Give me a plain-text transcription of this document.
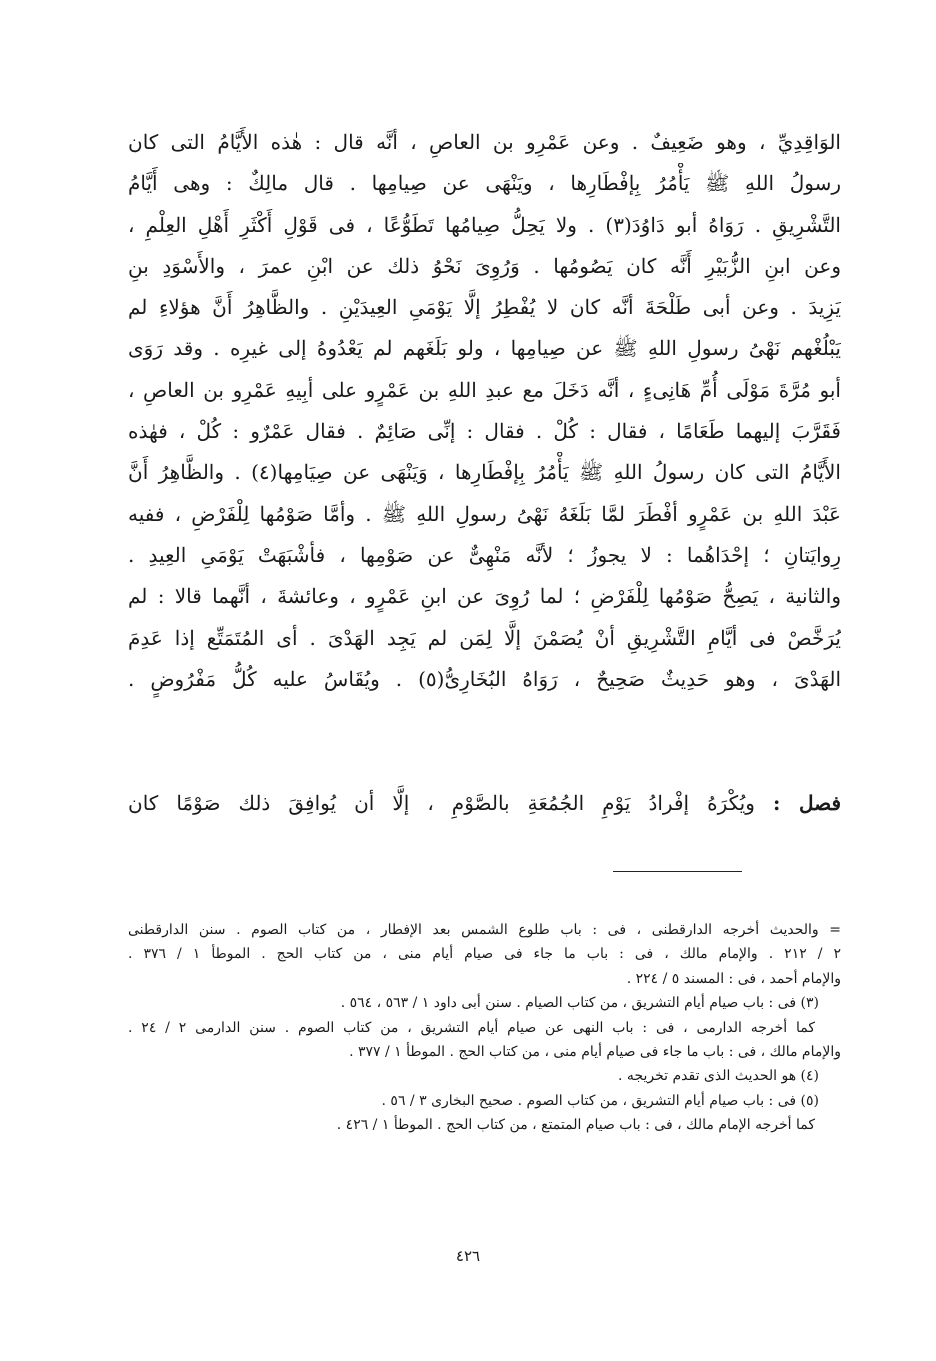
الوَاقِدِيِّ ، وهو ضَعِيفٌ . وعن عَمْرِو بن العاصِ ، أنَّه قال : هٰذه الأَيَّامُ التى كان
رسولُ اللهِ ﷺ يَأْمُرُ بِإفْطَارِها ، ويَنْهَى عن صِيامِها . قال مالِكٌ : وهى أَيَّامُ
التَّشْرِيقِ . رَوَاهُ أبو دَاوُدَ(٣) . ولا يَحِلُّ صِيامُها تَطَوُّعًا ، فى قَوْلِ أَكْثَرِ أَهْلِ العِلْمِ ،
وعن ابنِ الزُّبَيْرِ أَنَّه كان يَصُومُها . وَرُوِىَ نَحْوُ ذلك عن ابْنِ عمرَ ، والأَسْوَدِ بنِ
يَزِيدَ . وعن أبى طَلْحَةَ أنَّه كان لا يُفْطِرُ إلَّا يَوْمَىِ العِيدَيْنِ . والظَّاهِرُ أَنَّ هؤلاءِ لم
يَبْلُغْهم نَهْىُ رسولِ اللهِ ﷺ عن صِيامِها ، ولو بَلَغَهم لم يَعْدُوهُ إلى غيرِه . وقد رَوَى
أبو مُرَّةَ مَوْلَى أُمِّ هَانِىءٍ ، أنَّه دَخَلَ مع عبدِ اللهِ بن عَمْرٍو على أبِيهِ عَمْرِو بن العاصِ ،
فَقَرَّبَ إليهما طَعَامًا ، فقال : كُلْ . فقال : إنِّى صَائِمٌ . فقال عَمْرٌو : كُلْ ، فهٰذه
الأَيَّامُ التى كان رسولُ اللهِ ﷺ يَأْمُرُ بِإفْطَارِها ، وَيَنْهَى عن صِيَامِها(٤) . والظَّاهِرُ أَنَّ
عَبْدَ اللهِ بن عَمْرٍو أفْطَرَ لمَّا بَلَغَهُ نَهْىُ رسولِ اللهِ ﷺ . وأمَّا صَوْمُها لِلْفَرْضِ ، ففيه
رِوايَتانِ ؛ إحْدَاهُما : لا يجوزُ ؛ لأنَّه مَنْهِىٌّ عن صَوْمِها ، فأشْبَهَتْ يَوْمَىِ العِيدِ .
والثانية ، يَصِحُّ صَوْمُها لِلْفَرْضِ ؛ لما رُوِىَ عن ابنِ عَمْرٍو ، وعائشةَ ، أنَّهما قالا : لم
يُرَخَّصْ فى أيَّامِ التَّشْرِيقِ أنْ يُصَمْنَ إلَّا لِمَن لم يَجِد الهَدْىَ . أى المُتَمَتِّع إذا عَدِمَ
الهَدْىَ ، وهو حَدِيثٌ صَحِيحٌ ، رَوَاهُ البُخَارِىُّ(٥) . ويُقَاسُ عليه كُلُّ مَفْرُوضٍ .
فصل : ويُكْرَهُ إفْرادُ يَوْمِ الجُمُعَةِ بالصَّوْمِ ، إلَّا أن يُوافِقَ ذلك صَوْمًا كان
= والحديث أخرجه الدارقطنى ، فى : باب طلوع الشمس بعد الإفطار ، من كتاب الصوم . سنن الدارقطنى
٢ / ٢١٢ . والإمام مالك ، فى : باب ما جاء فى صيام أيام منى ، من كتاب الحج . الموطأ ١ / ٣٧٦ .
والإمام أحمد ، فى : المسند ٥ / ٢٢٤ .
(٣) فى : باب صيام أيام التشريق ، من كتاب الصيام . سنن أبى داود ١ / ٥٦٣ ، ٥٦٤ .
كما أخرجه الدارمى ، فى : باب النهى عن صيام أيام التشريق ، من كتاب الصوم . سنن الدارمى ٢ / ٢٤ .
والإمام مالك ، فى : باب ما جاء فى صيام أيام منى ، من كتاب الحج . الموطأ ١ / ٣٧٧ .
(٤) هو الحديث الذى تقدم تخريجه .
(٥) فى : باب صيام أيام التشريق ، من كتاب الصوم . صحيح البخارى ٣ / ٥٦ .
كما أخرجه الإمام مالك ، فى : باب صيام المتمتع ، من كتاب الحج . الموطأ ١ / ٤٢٦ .
٤٢٦
